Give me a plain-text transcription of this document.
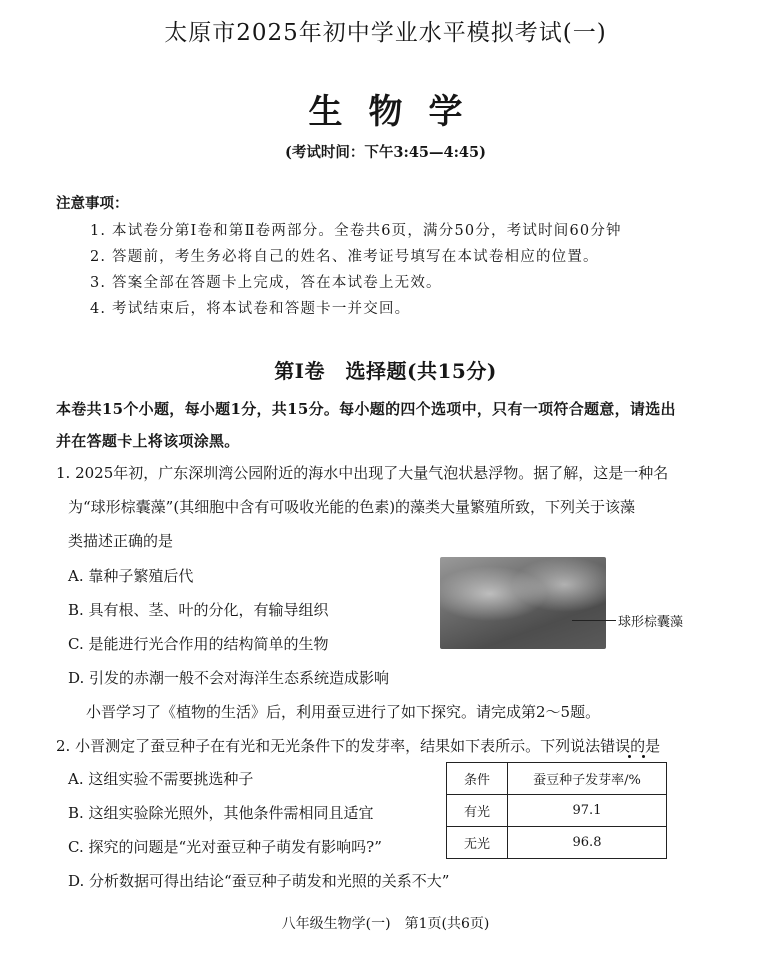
太原市2025年初中学业水平模拟考试(一)
生物学
(考试时间：下午3:45—4:45)
注意事项：
1. 本试卷分第Ⅰ卷和第Ⅱ卷两部分。全卷共6页，满分50分，考试时间60分钟
2. 答题前，考生务必将自己的姓名、准考证号填写在本试卷相应的位置。
3. 答案全部在答题卡上完成，答在本试卷上无效。
4. 考试结束后，将本试卷和答题卡一并交回。
第Ⅰ卷　选择题(共15分)
本卷共15个小题，每小题1分，共15分。每小题的四个选项中，只有一项符合题意，请选出
并在答题卡上将该项涂黑。
1. 2025年初，广东深圳湾公园附近的海水中出现了大量气泡状悬浮物。据了解，这是一种名
为“球形棕囊藻”(其细胞中含有可吸收光能的色素)的藻类大量繁殖所致，下列关于该藻
类描述正确的是
A. 靠种子繁殖后代
B. 具有根、茎、叶的分化，有输导组织
C. 是能进行光合作用的结构简单的生物
D. 引发的赤潮一般不会对海洋生态系统造成影响
球形棕囊藻
小晋学习了《植物的生活》后，利用蚕豆进行了如下探究。请完成第2～5题。
2. 小晋测定了蚕豆种子在有光和无光条件下的发芽率，结果如下表所示。下列说法错误的是
A. 这组实验不需要挑选种子
B. 这组实验除光照外，其他条件需相同且适宜
C. 探究的问题是“光对蚕豆种子萌发有影响吗?”
D. 分析数据可得出结论“蚕豆种子萌发和光照的关系不大”
条件	蚕豆种子发芽率/%
有光	97.1
无光	96.8
八年级生物学(一)　第1页(共6页)
